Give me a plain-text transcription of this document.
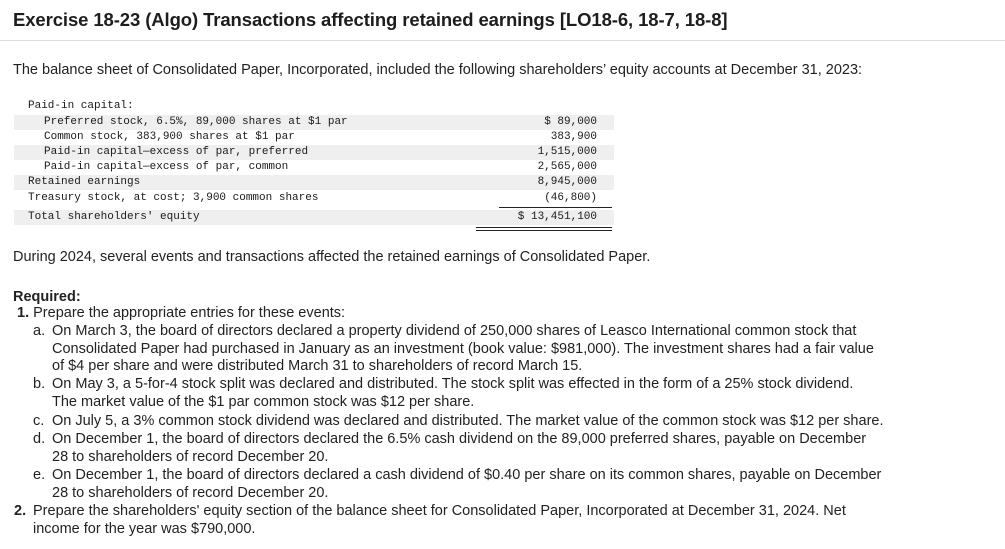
Exercise 18-23 (Algo) Transactions affecting retained earnings [LO18-6, 18-7, 18-8]
The balance sheet of Consolidated Paper, Incorporated, included the following shareholders’ equity accounts at December 31, 2023:
Paid-in capital:
Preferred stock, 6.5%, 89,000 shares at $1 par	$ 89,000
Common stock, 383,900 shares at $1 par	383,900
Paid-in capital—excess of par, preferred	1,515,000
Paid-in capital—excess of par, common	2,565,000
Retained earnings	8,945,000
Treasury stock, at cost; 3,900 common shares	(46,800)
Total shareholders' equity	$ 13,451,100
During 2024, several events and transactions affected the retained earnings of Consolidated Paper.
Required:
1. Prepare the appropriate entries for these events:
a. On March 3, the board of directors declared a property dividend of 250,000 shares of Leasco International common stock that
Consolidated Paper had purchased in January as an investment (book value: $981,000). The investment shares had a fair value
of $4 per share and were distributed March 31 to shareholders of record March 15.
b. On May 3, a 5-for-4 stock split was declared and distributed. The stock split was effected in the form of a 25% stock dividend.
The market value of the $1 par common stock was $12 per share.
c. On July 5, a 3% common stock dividend was declared and distributed. The market value of the common stock was $12 per share.
d. On December 1, the board of directors declared the 6.5% cash dividend on the 89,000 preferred shares, payable on December
28 to shareholders of record December 20.
e. On December 1, the board of directors declared a cash dividend of $0.40 per share on its common shares, payable on December
28 to shareholders of record December 20.
2. Prepare the shareholders' equity section of the balance sheet for Consolidated Paper, Incorporated at December 31, 2024. Net
income for the year was $790,000.
